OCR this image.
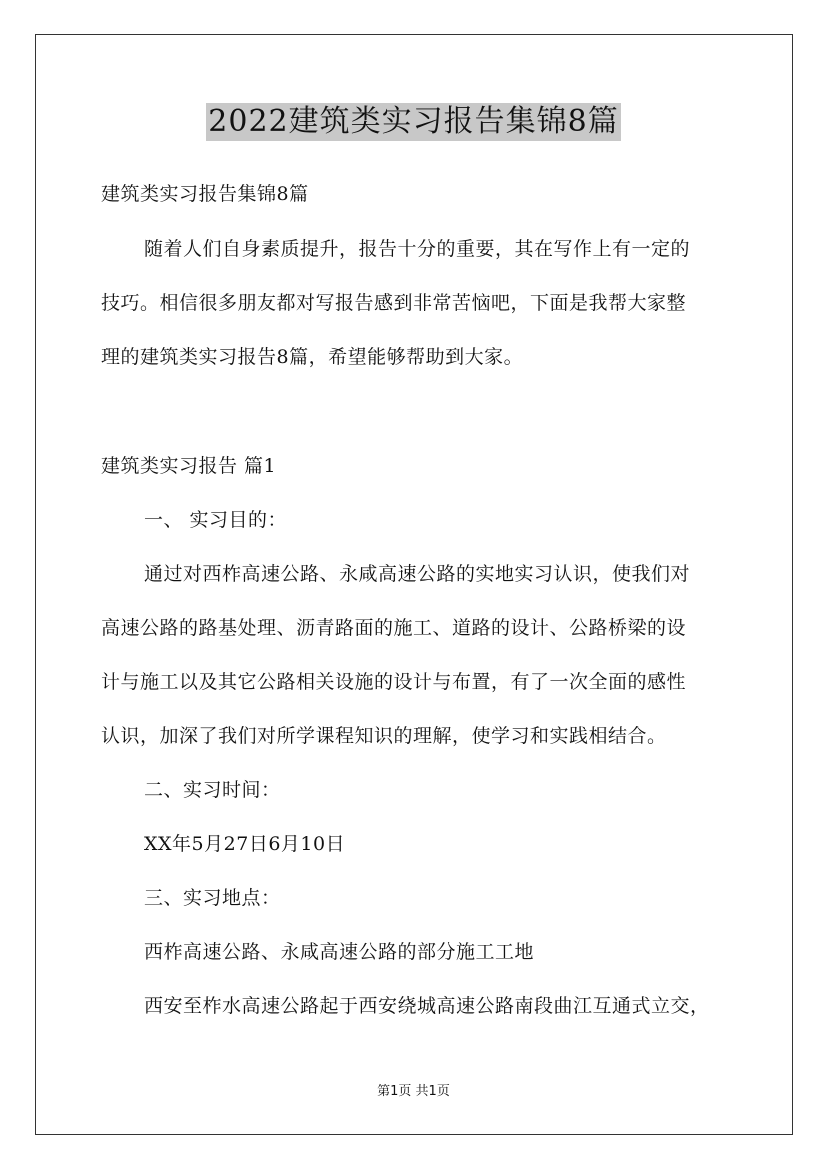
2022建筑类实习报告集锦8篇
建筑类实习报告集锦8篇
随着人们自身素质提升，报告十分的重要，其在写作上有一定的
技巧。相信很多朋友都对写报告感到非常苦恼吧，下面是我帮大家整
理的建筑类实习报告8篇，希望能够帮助到大家。
建筑类实习报告 篇1
一、 实习目的：
通过对西柞高速公路、永咸高速公路的实地实习认识，使我们对
高速公路的路基处理、沥青路面的施工、道路的设计、公路桥梁的设
计与施工以及其它公路相关设施的设计与布置，有了一次全面的感性
认识，加深了我们对所学课程知识的理解，使学习和实践相结合。
二、实习时间：
XX年5月27日6月10日
三、实习地点：
西柞高速公路、永咸高速公路的部分施工工地
西安至柞水高速公路起于西安绕城高速公路南段曲江互通式立交，
第1页 共1页
